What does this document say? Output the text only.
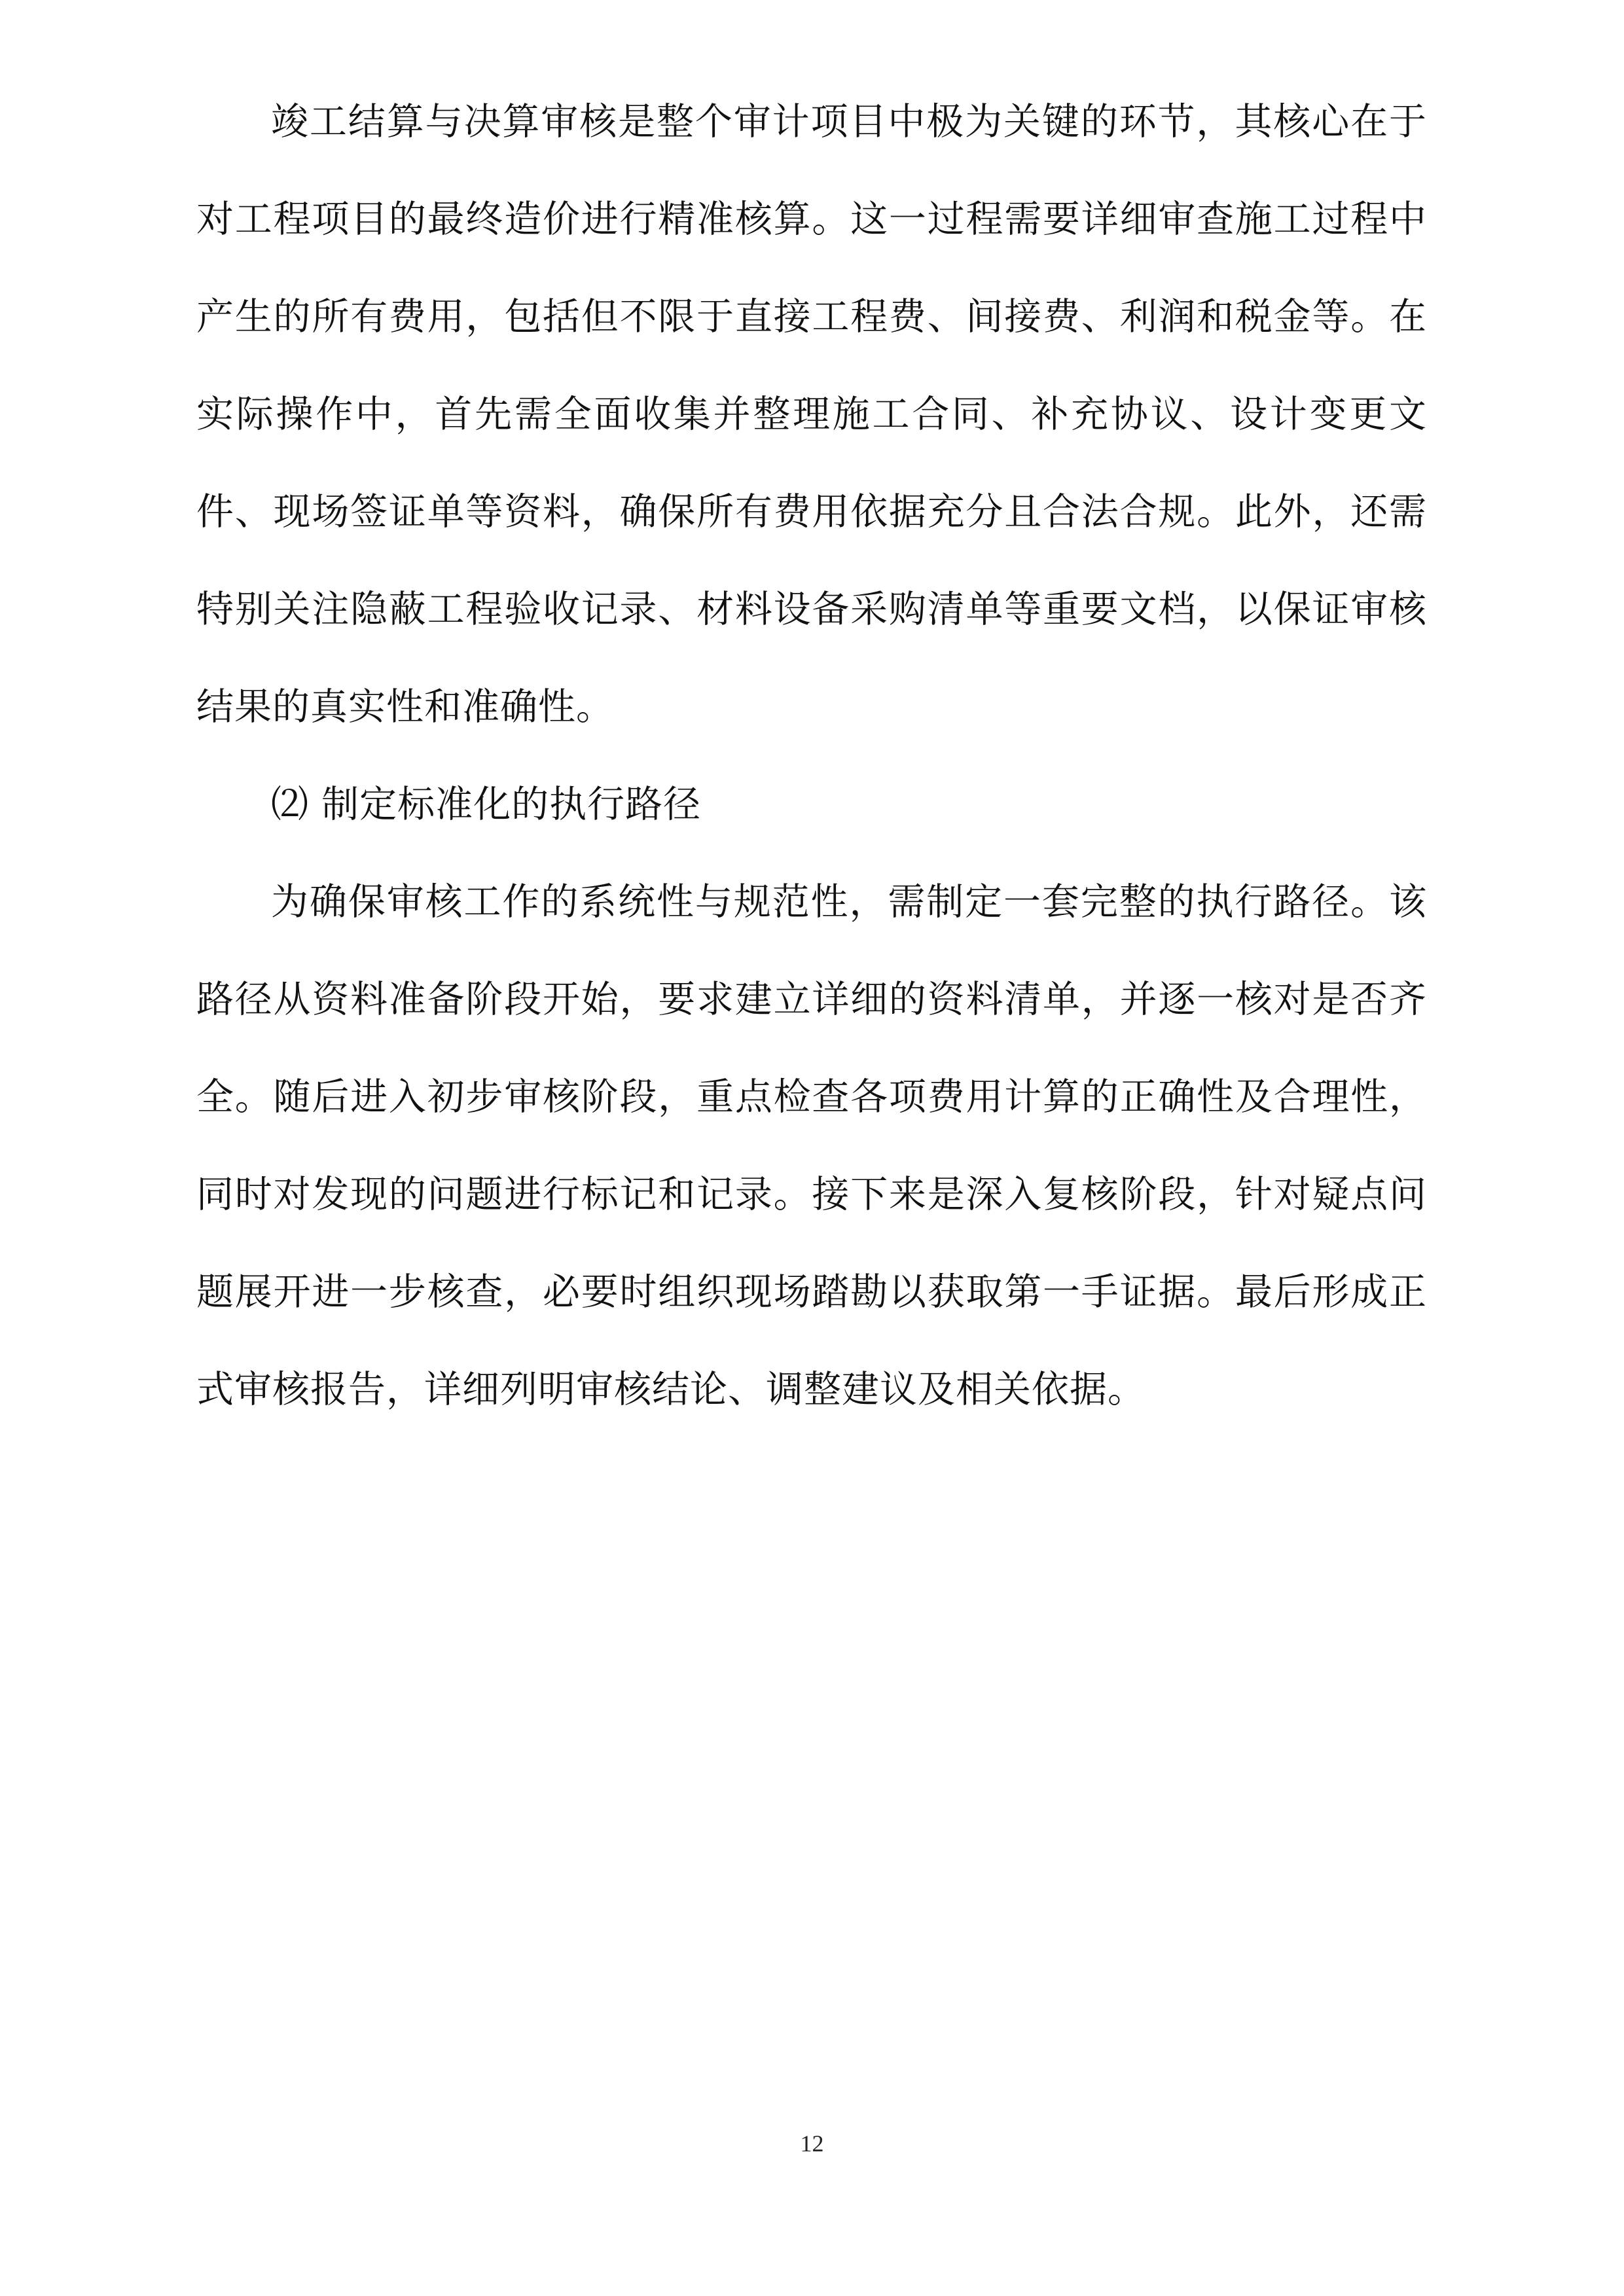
竣工结算与决算审核是整个审计项目中极为关键的环节，其核心在于对工程项目的最终造价进行精准核算。这一过程需要详细审查施工过程中产生的所有费用，包括但不限于直接工程费、间接费、利润和税金等。在实际操作中，首先需全面收集并整理施工合同、补充协议、设计变更文件、现场签证单等资料，确保所有费用依据充分且合法合规。此外，还需特别关注隐蔽工程验收记录、材料设备采购清单等重要文档，以保证审核结果的真实性和准确性。

⑵ 制定标准化的执行路径

为确保审核工作的系统性与规范性，需制定一套完整的执行路径。该路径从资料准备阶段开始，要求建立详细的资料清单，并逐一核对是否齐全。随后进入初步审核阶段，重点检查各项费用计算的正确性及合理性，同时对发现的问题进行标记和记录。接下来是深入复核阶段，针对疑点问题展开进一步核查，必要时组织现场踏勘以获取第一手证据。最后形成正式审核报告，详细列明审核结论、调整建议及相关依据。

12
